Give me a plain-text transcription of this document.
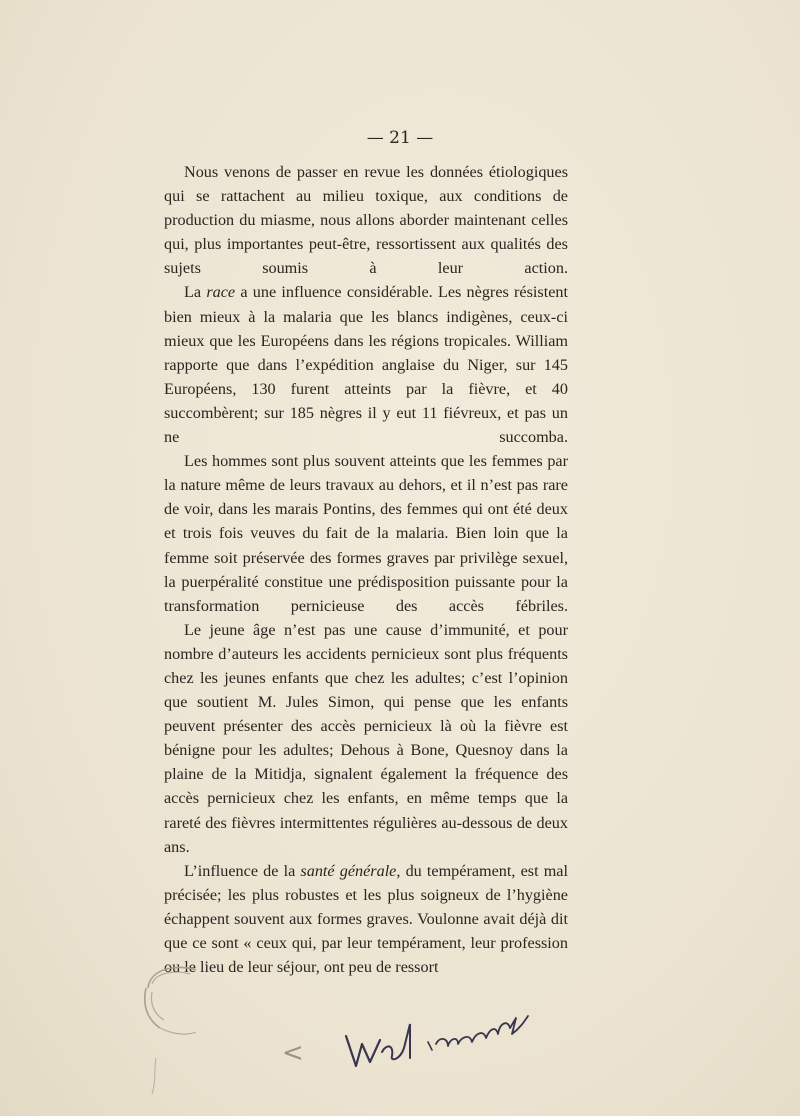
— 21 —

Nous venons de passer en revue les données étiologiques qui se rattachent au milieu toxique, aux conditions de production du miasme, nous allons aborder maintenant celles qui, plus importantes peut-être, ressortissent aux qualités des sujets soumis à leur action.

La race a une influence considérable. Les nègres résistent bien mieux à la malaria que les blancs indigènes, ceux-ci mieux que les Européens dans les régions tropicales. William rapporte que dans l’expédition anglaise du Niger, sur 145 Européens, 130 furent atteints par la fièvre, et 40 succombèrent; sur 185 nègres il y eut 11 fiévreux, et pas un ne succomba.

Les hommes sont plus souvent atteints que les femmes par la nature même de leurs travaux au dehors, et il n’est pas rare de voir, dans les marais Pontins, des femmes qui ont été deux et trois fois veuves du fait de la malaria. Bien loin que la femme soit préservée des formes graves par privilège sexuel, la puerpéralité constitue une prédisposition puissante pour la transformation pernicieuse des accès fébriles.

Le jeune âge n’est pas une cause d’immunité, et pour nombre d’auteurs les accidents pernicieux sont plus fréquents chez les jeunes enfants que chez les adultes; c’est l’opinion que soutient M. Jules Simon, qui pense que les enfants peuvent présenter des accès pernicieux là où la fièvre est bénigne pour les adultes; Dehous à Bone, Quesnoy dans la plaine de la Mitidja, signalent également la fréquence des accès pernicieux chez les enfants, en même temps que la rareté des fièvres intermittentes régulières au-dessous de deux ans.

L’influence de la santé générale, du tempérament, est mal précisée; les plus robustes et les plus soigneux de l’hygiène échappent souvent aux formes graves. Voulonne avait déjà dit que ce sont « ceux qui, par leur tempérament, leur profession ou le lieu de leur séjour, ont peu de ressort

<
Vuel analui
